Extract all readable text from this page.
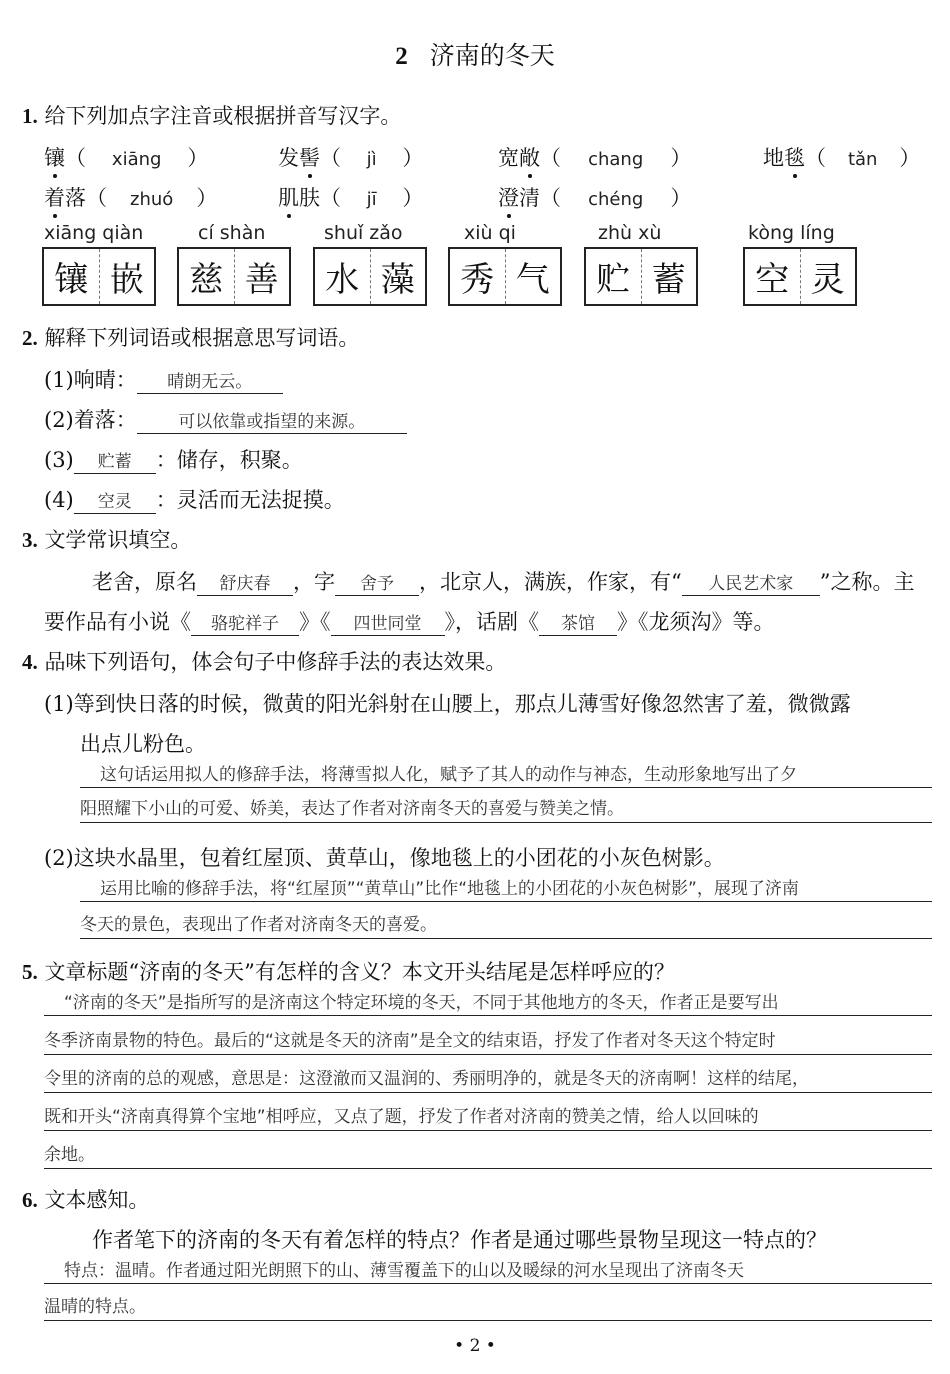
2 济南的冬天
1. 给下列加点字注音或根据拼音写汉字。
镶（ xiāng ）	发髻（ jì ）	宽敞（ chang ）	地毯（ tǎn ）
着落（ zhuó ）	肌肤（ jī ）	澄清（ chéng ）
xiāng qiàn	cí shàn	shuǐ zǎo	xiù qi	zhù xù	kòng líng
镶 嵌	慈 善	水 藻	秀 气	贮 蓄	空 灵
2. 解释下列词语或根据意思写词语。
(1)响晴： 晴朗无云。
(2)着落： 可以依靠或指望的来源。
(3) 贮蓄 ：储存，积聚。
(4) 空灵 ：灵活而无法捉摸。
3. 文学常识填空。
老舍，原名 舒庆春 ，字 舍予 ，北京人，满族，作家，有“ 人民艺术家 ”之称。主
要作品有小说《 骆驼祥子 》《 四世同堂 》，话剧《 茶馆 》《龙须沟》等。
4. 品味下列语句，体会句子中修辞手法的表达效果。
(1)等到快日落的时候，微黄的阳光斜射在山腰上，那点儿薄雪好像忽然害了羞，微微露
出点儿粉色。
这句话运用拟人的修辞手法，将薄雪拟人化，赋予了其人的动作与神态，生动形象地写出了夕
阳照耀下小山的可爱、娇美，表达了作者对济南冬天的喜爱与赞美之情。
(2)这块水晶里，包着红屋顶、黄草山，像地毯上的小团花的小灰色树影。
运用比喻的修辞手法，将“红屋顶”“黄草山”比作“地毯上的小团花的小灰色树影”，展现了济南
冬天的景色，表现出了作者对济南冬天的喜爱。
5. 文章标题“济南的冬天”有怎样的含义？本文开头结尾是怎样呼应的？
“济南的冬天”是指所写的是济南这个特定环境的冬天，不同于其他地方的冬天，作者正是要写出
冬季济南景物的特色。最后的“这就是冬天的济南”是全文的结束语，抒发了作者对冬天这个特定时
令里的济南的总的观感，意思是：这澄澈而又温润的、秀丽明净的，就是冬天的济南啊！这样的结尾，
既和开头“济南真得算个宝地”相呼应，又点了题，抒发了作者对济南的赞美之情，给人以回味的
余地。
6. 文本感知。
作者笔下的济南的冬天有着怎样的特点？作者是通过哪些景物呈现这一特点的？
特点：温晴。作者通过阳光朗照下的山、薄雪覆盖下的山以及暖绿的河水呈现出了济南冬天
温晴的特点。
• 2 •
